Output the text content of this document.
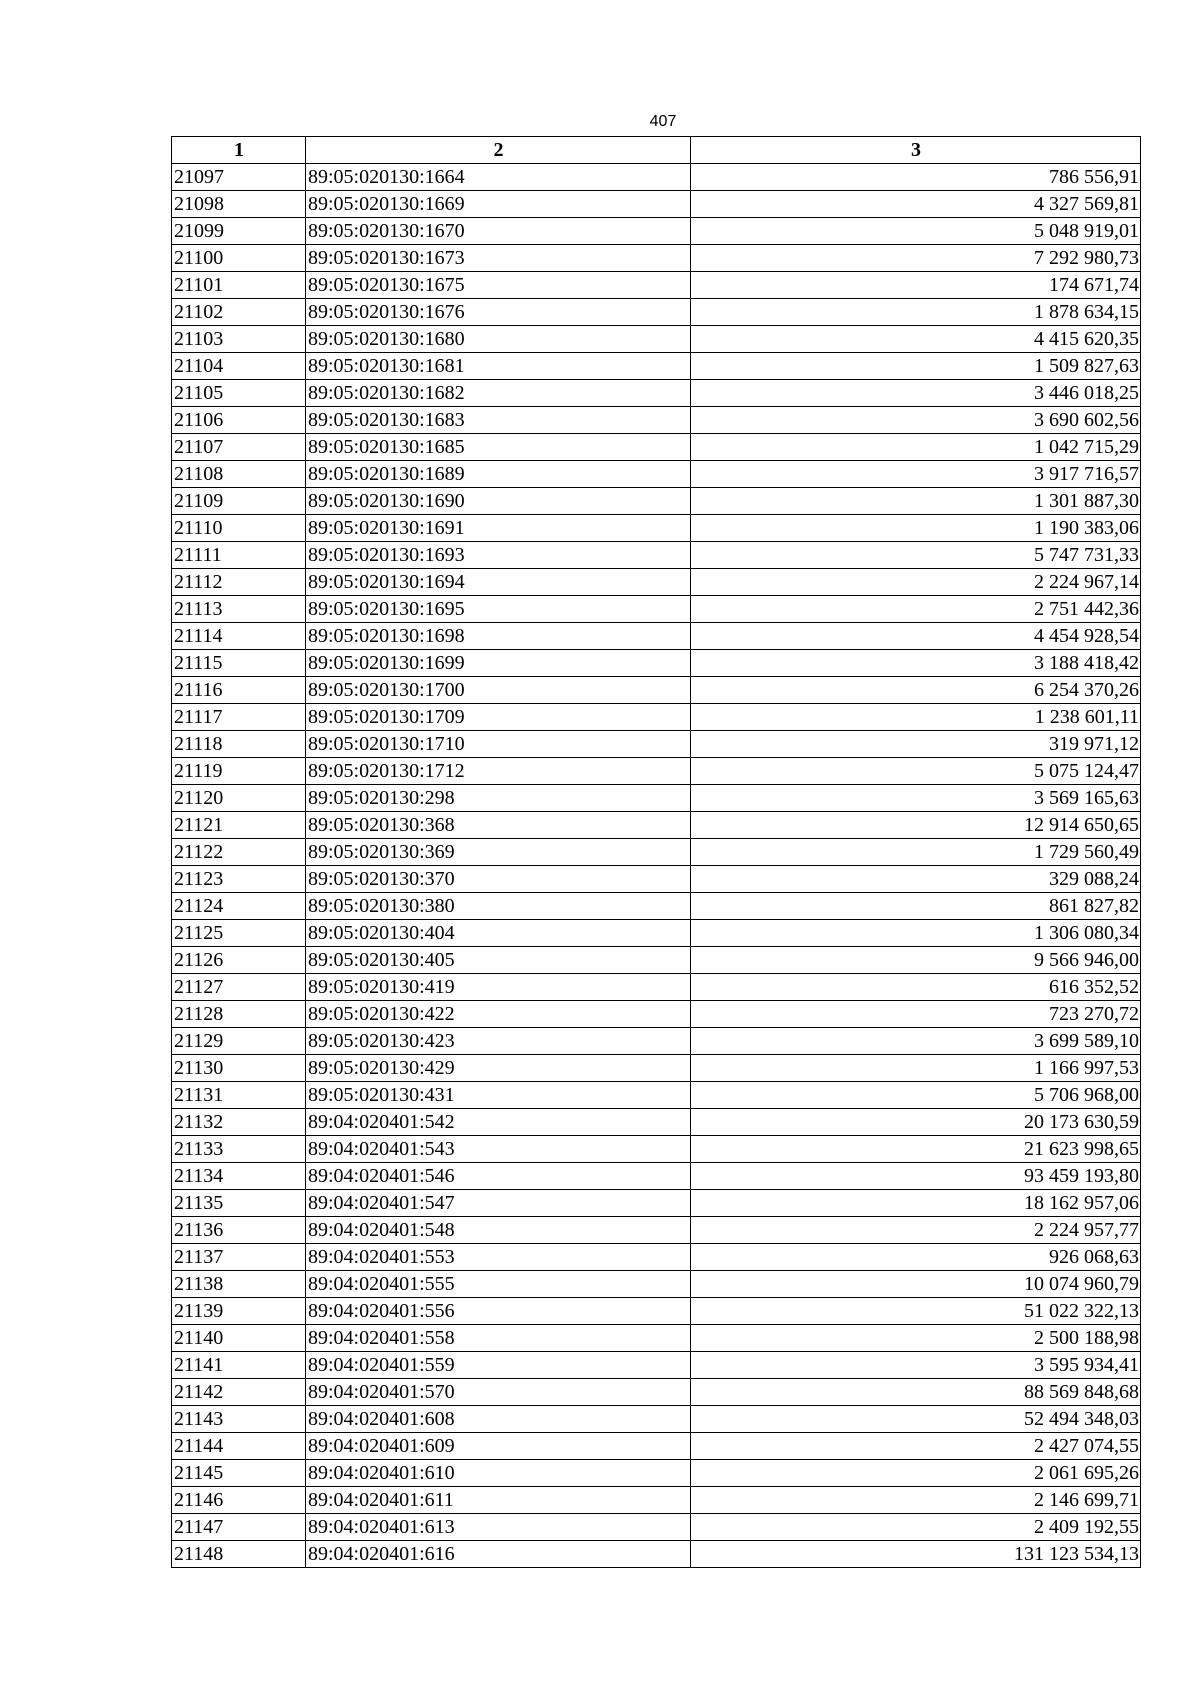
407
1	2	3
21097	89:05:020130:1664	786 556,91
21098	89:05:020130:1669	4 327 569,81
21099	89:05:020130:1670	5 048 919,01
21100	89:05:020130:1673	7 292 980,73
21101	89:05:020130:1675	174 671,74
21102	89:05:020130:1676	1 878 634,15
21103	89:05:020130:1680	4 415 620,35
21104	89:05:020130:1681	1 509 827,63
21105	89:05:020130:1682	3 446 018,25
21106	89:05:020130:1683	3 690 602,56
21107	89:05:020130:1685	1 042 715,29
21108	89:05:020130:1689	3 917 716,57
21109	89:05:020130:1690	1 301 887,30
21110	89:05:020130:1691	1 190 383,06
21111	89:05:020130:1693	5 747 731,33
21112	89:05:020130:1694	2 224 967,14
21113	89:05:020130:1695	2 751 442,36
21114	89:05:020130:1698	4 454 928,54
21115	89:05:020130:1699	3 188 418,42
21116	89:05:020130:1700	6 254 370,26
21117	89:05:020130:1709	1 238 601,11
21118	89:05:020130:1710	319 971,12
21119	89:05:020130:1712	5 075 124,47
21120	89:05:020130:298	3 569 165,63
21121	89:05:020130:368	12 914 650,65
21122	89:05:020130:369	1 729 560,49
21123	89:05:020130:370	329 088,24
21124	89:05:020130:380	861 827,82
21125	89:05:020130:404	1 306 080,34
21126	89:05:020130:405	9 566 946,00
21127	89:05:020130:419	616 352,52
21128	89:05:020130:422	723 270,72
21129	89:05:020130:423	3 699 589,10
21130	89:05:020130:429	1 166 997,53
21131	89:05:020130:431	5 706 968,00
21132	89:04:020401:542	20 173 630,59
21133	89:04:020401:543	21 623 998,65
21134	89:04:020401:546	93 459 193,80
21135	89:04:020401:547	18 162 957,06
21136	89:04:020401:548	2 224 957,77
21137	89:04:020401:553	926 068,63
21138	89:04:020401:555	10 074 960,79
21139	89:04:020401:556	51 022 322,13
21140	89:04:020401:558	2 500 188,98
21141	89:04:020401:559	3 595 934,41
21142	89:04:020401:570	88 569 848,68
21143	89:04:020401:608	52 494 348,03
21144	89:04:020401:609	2 427 074,55
21145	89:04:020401:610	2 061 695,26
21146	89:04:020401:611	2 146 699,71
21147	89:04:020401:613	2 409 192,55
21148	89:04:020401:616	131 123 534,13
